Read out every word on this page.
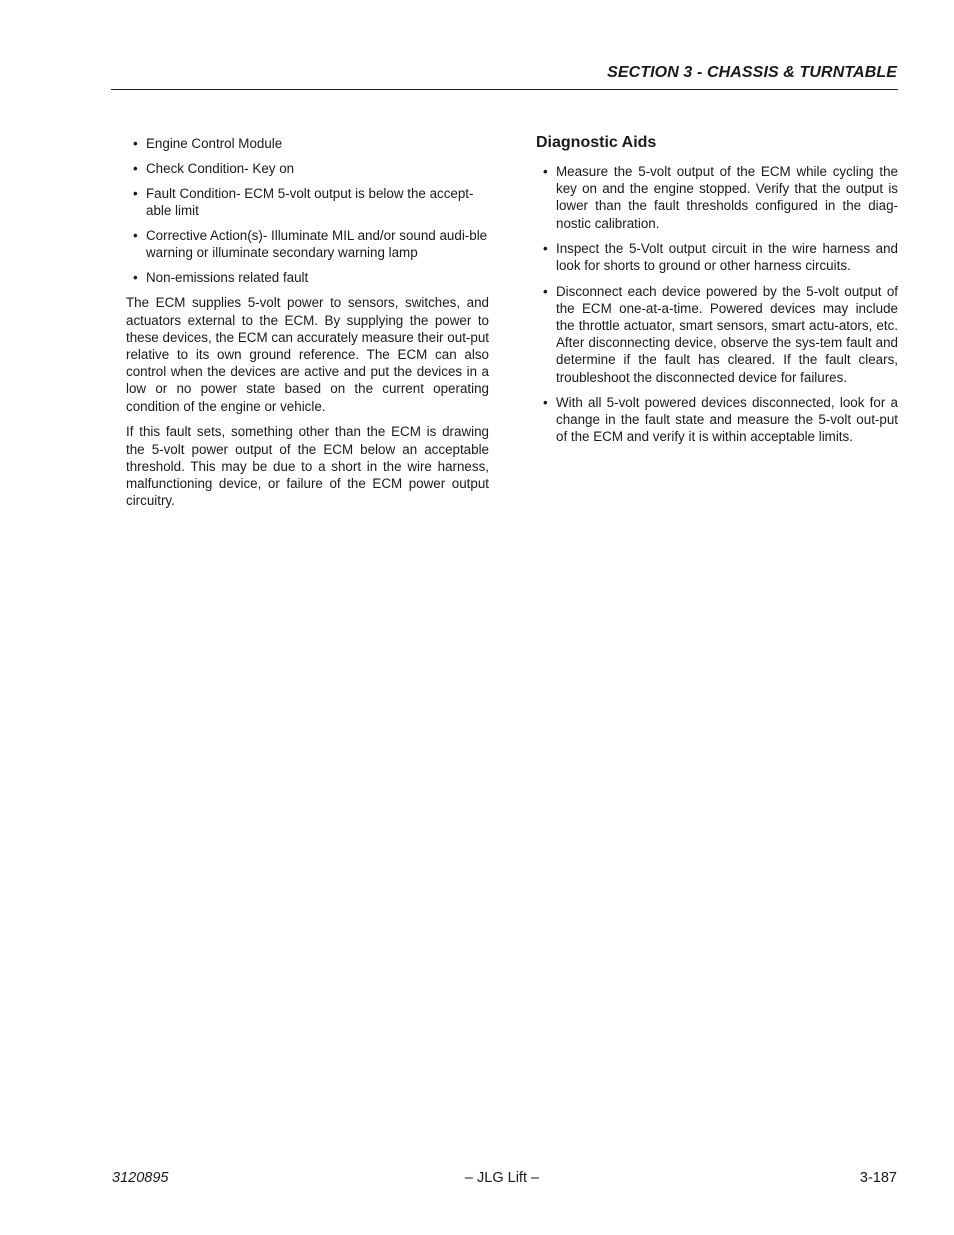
SECTION 3 - CHASSIS & TURNTABLE
• Engine Control Module
• Check Condition- Key on
• Fault Condition- ECM 5-volt output is below the accept-able limit
• Corrective Action(s)- Illuminate MIL and/or sound audi-ble warning or illuminate secondary warning lamp
• Non-emissions related fault

The ECM supplies 5-volt power to sensors, switches, and actuators external to the ECM. By supplying the power to these devices, the ECM can accurately measure their out-put relative to its own ground reference. The ECM can also control when the devices are active and put the devices in a low or no power state based on the current operating condition of the engine or vehicle.

If this fault sets, something other than the ECM is drawing the 5-volt power output of the ECM below an acceptable threshold. This may be due to a short in the wire harness, malfunctioning device, or failure of the ECM power output circuitry.

Diagnostic Aids
• Measure the 5-volt output of the ECM while cycling the key on and the engine stopped. Verify that the output is lower than the fault thresholds configured in the diag-nostic calibration.
• Inspect the 5-Volt output circuit in the wire harness and look for shorts to ground or other harness circuits.
• Disconnect each device powered by the 5-volt output of the ECM one-at-a-time. Powered devices may include the throttle actuator, smart sensors, smart actu-ators, etc. After disconnecting device, observe the sys-tem fault and determine if the fault has cleared. If the fault clears, troubleshoot the disconnected device for failures.
• With all 5-volt powered devices disconnected, look for a change in the fault state and measure the 5-volt out-put of the ECM and verify it is within acceptable limits.
3120895	– JLG Lift –	3-187
